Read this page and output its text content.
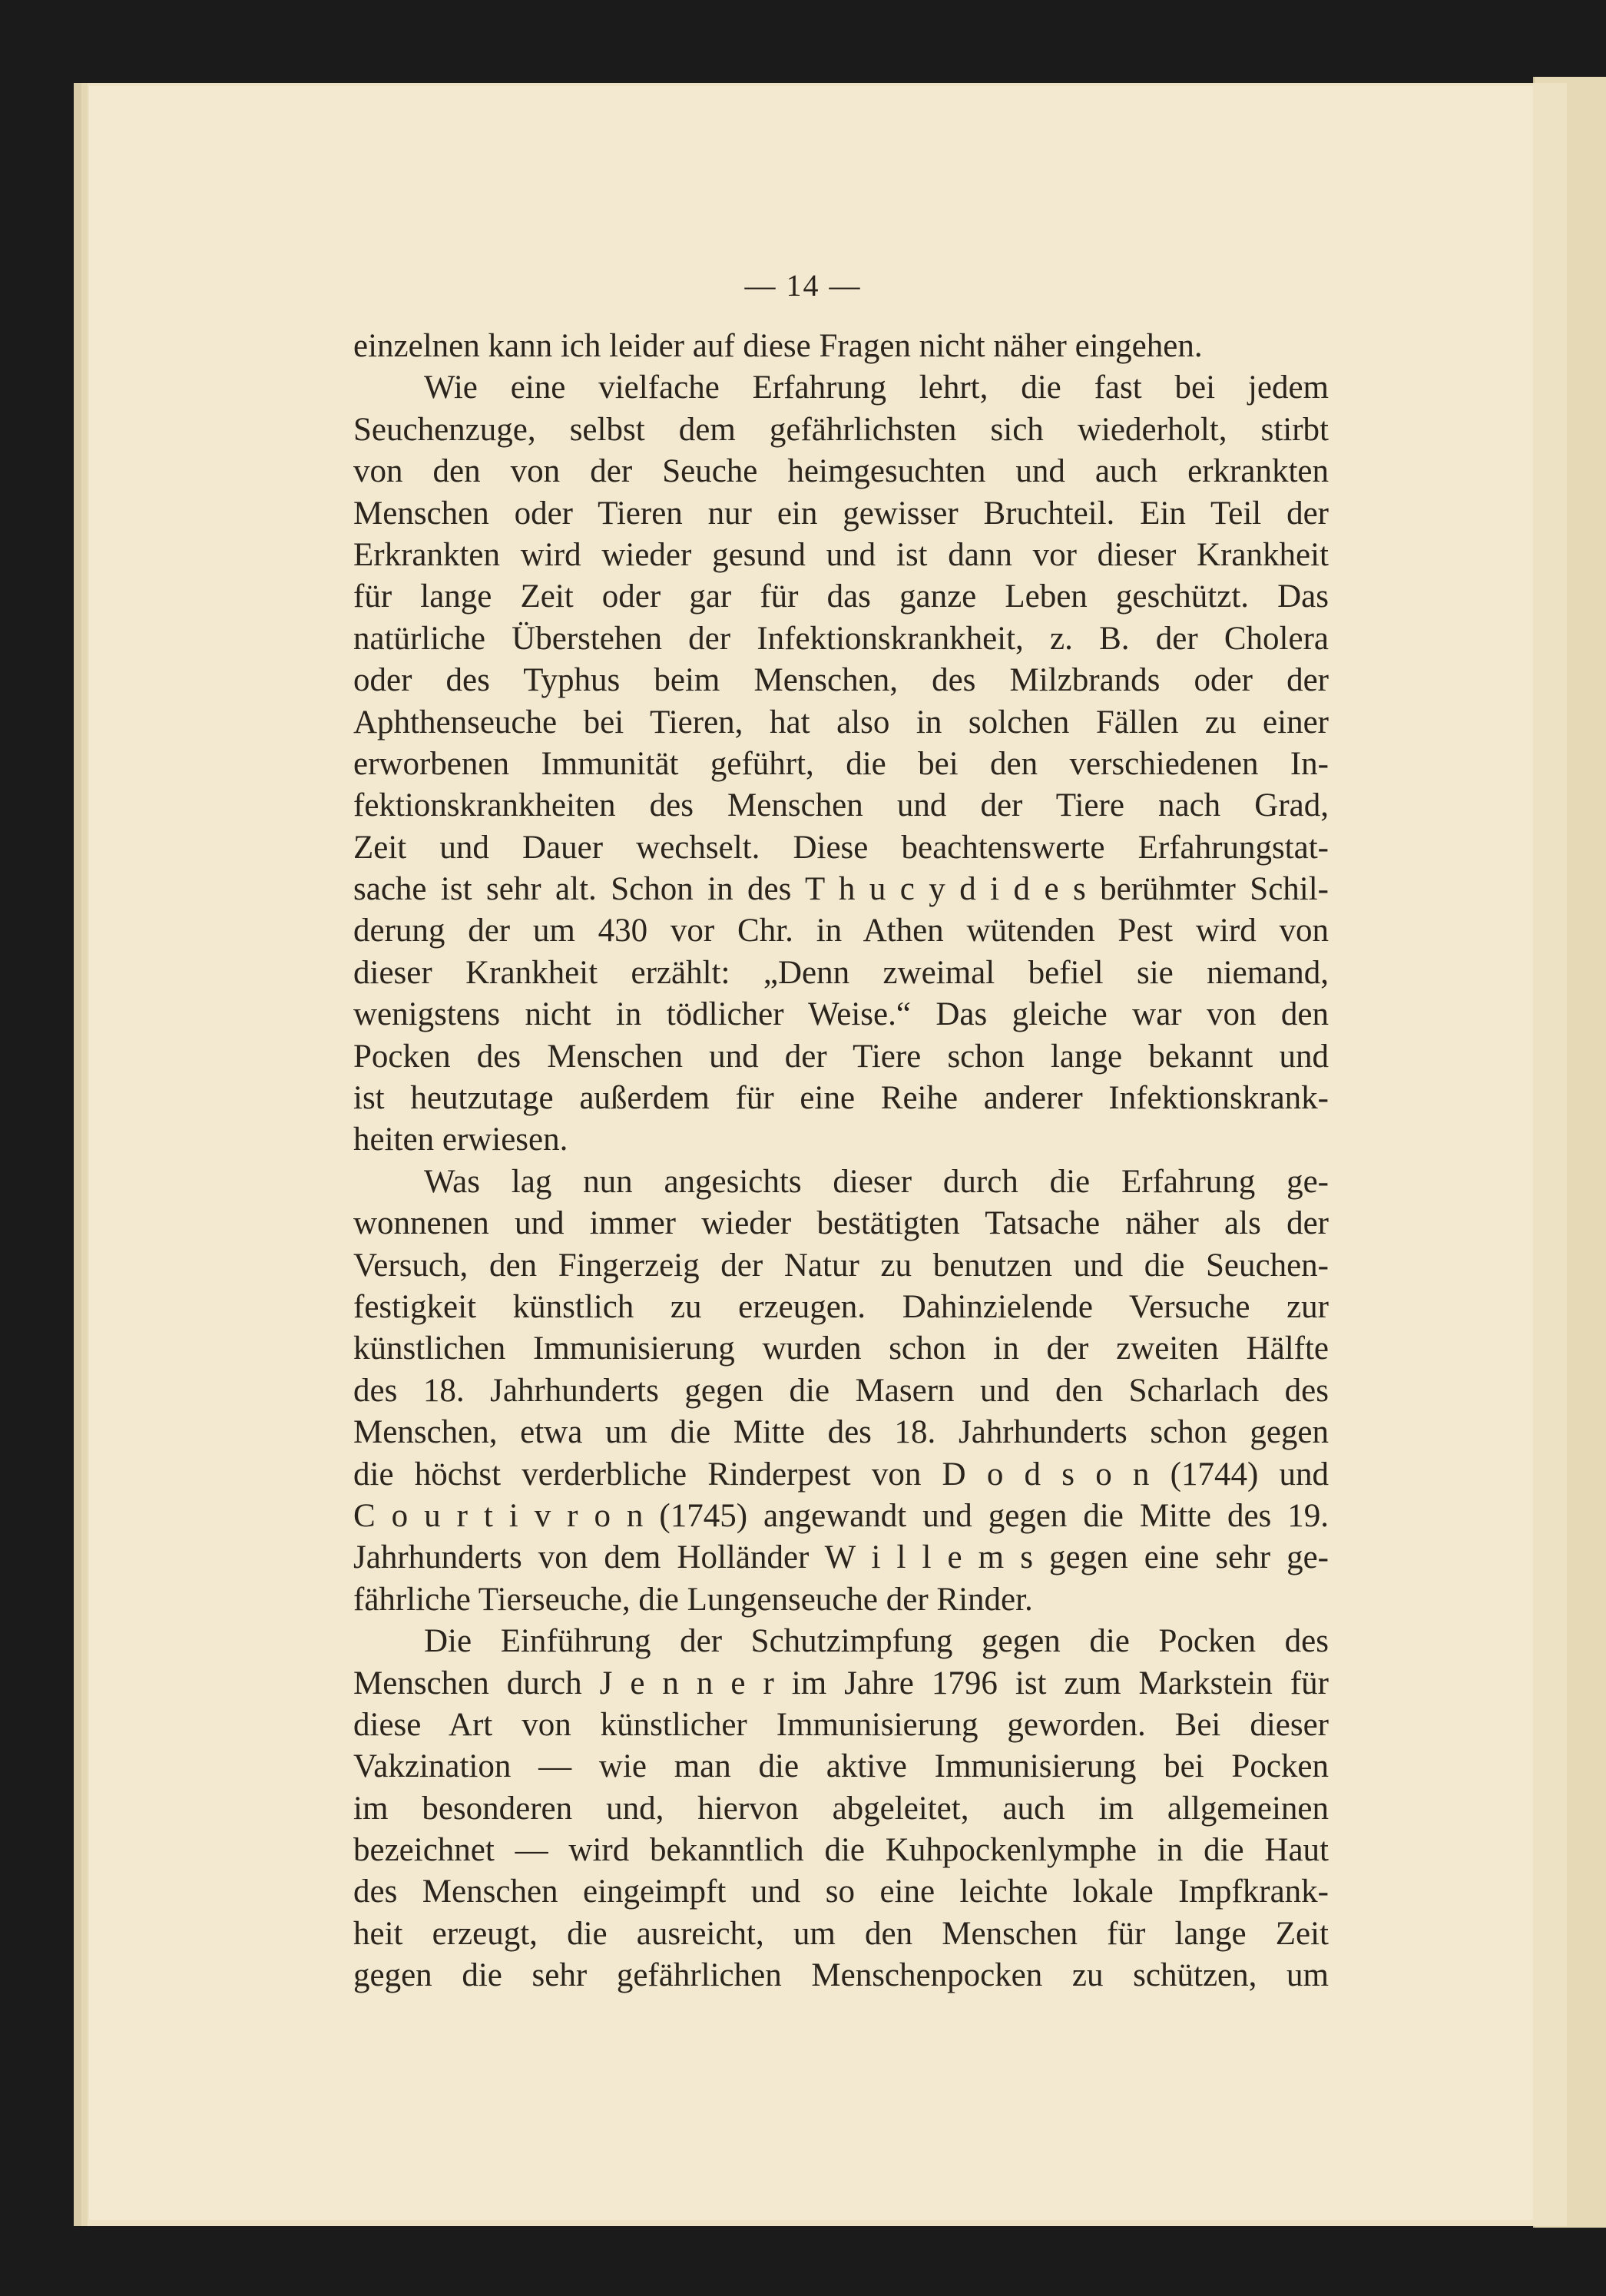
— 14 —
einzelnen kann ich leider auf diese Fragen nicht näher eingehen.
Wie eine vielfache Erfahrung lehrt, die fast bei jedem
Seuchenzuge, selbst dem gefährlichsten sich wiederholt, stirbt
von den von der Seuche heimgesuchten und auch erkrankten
Menschen oder Tieren nur ein gewisser Bruchteil. Ein Teil der
Erkrankten wird wieder gesund und ist dann vor dieser Krankheit
für lange Zeit oder gar für das ganze Leben geschützt. Das
natürliche Überstehen der Infektionskrankheit, z. B. der Cholera
oder des Typhus beim Menschen, des Milzbrands oder der
Aphthenseuche bei Tieren, hat also in solchen Fällen zu einer
erworbenen Immunität geführt, die bei den verschiedenen In-
fektionskrankheiten des Menschen und der Tiere nach Grad,
Zeit und Dauer wechselt. Diese beachtenswerte Erfahrungstat-
sache ist sehr alt. Schon in des T h u c y d i d e s berühmter Schil-
derung der um 430 vor Chr. in Athen wütenden Pest wird von
dieser Krankheit erzählt: „Denn zweimal befiel sie niemand,
wenigstens nicht in tödlicher Weise.“ Das gleiche war von den
Pocken des Menschen und der Tiere schon lange bekannt und
ist heutzutage außerdem für eine Reihe anderer Infektionskrank-
heiten erwiesen.
Was lag nun angesichts dieser durch die Erfahrung ge-
wonnenen und immer wieder bestätigten Tatsache näher als der
Versuch, den Fingerzeig der Natur zu benutzen und die Seuchen-
festigkeit künstlich zu erzeugen. Dahinzielende Versuche zur
künstlichen Immunisierung wurden schon in der zweiten Hälfte
des 18. Jahrhunderts gegen die Masern und den Scharlach des
Menschen, etwa um die Mitte des 18. Jahrhunderts schon gegen
die höchst verderbliche Rinderpest von D o d s o n (1744) und
C o u r t i v r o n (1745) angewandt und gegen die Mitte des 19.
Jahrhunderts von dem Holländer W i l l e m s gegen eine sehr ge-
fährliche Tierseuche, die Lungenseuche der Rinder.
Die Einführung der Schutzimpfung gegen die Pocken des
Menschen durch J e n n e r im Jahre 1796 ist zum Markstein für
diese Art von künstlicher Immunisierung geworden. Bei dieser
Vakzination — wie man die aktive Immunisierung bei Pocken
im besonderen und, hiervon abgeleitet, auch im allgemeinen
bezeichnet — wird bekanntlich die Kuhpockenlymphe in die Haut
des Menschen eingeimpft und so eine leichte lokale Impfkrank-
heit erzeugt, die ausreicht, um den Menschen für lange Zeit
gegen die sehr gefährlichen Menschenpocken zu schützen, um
